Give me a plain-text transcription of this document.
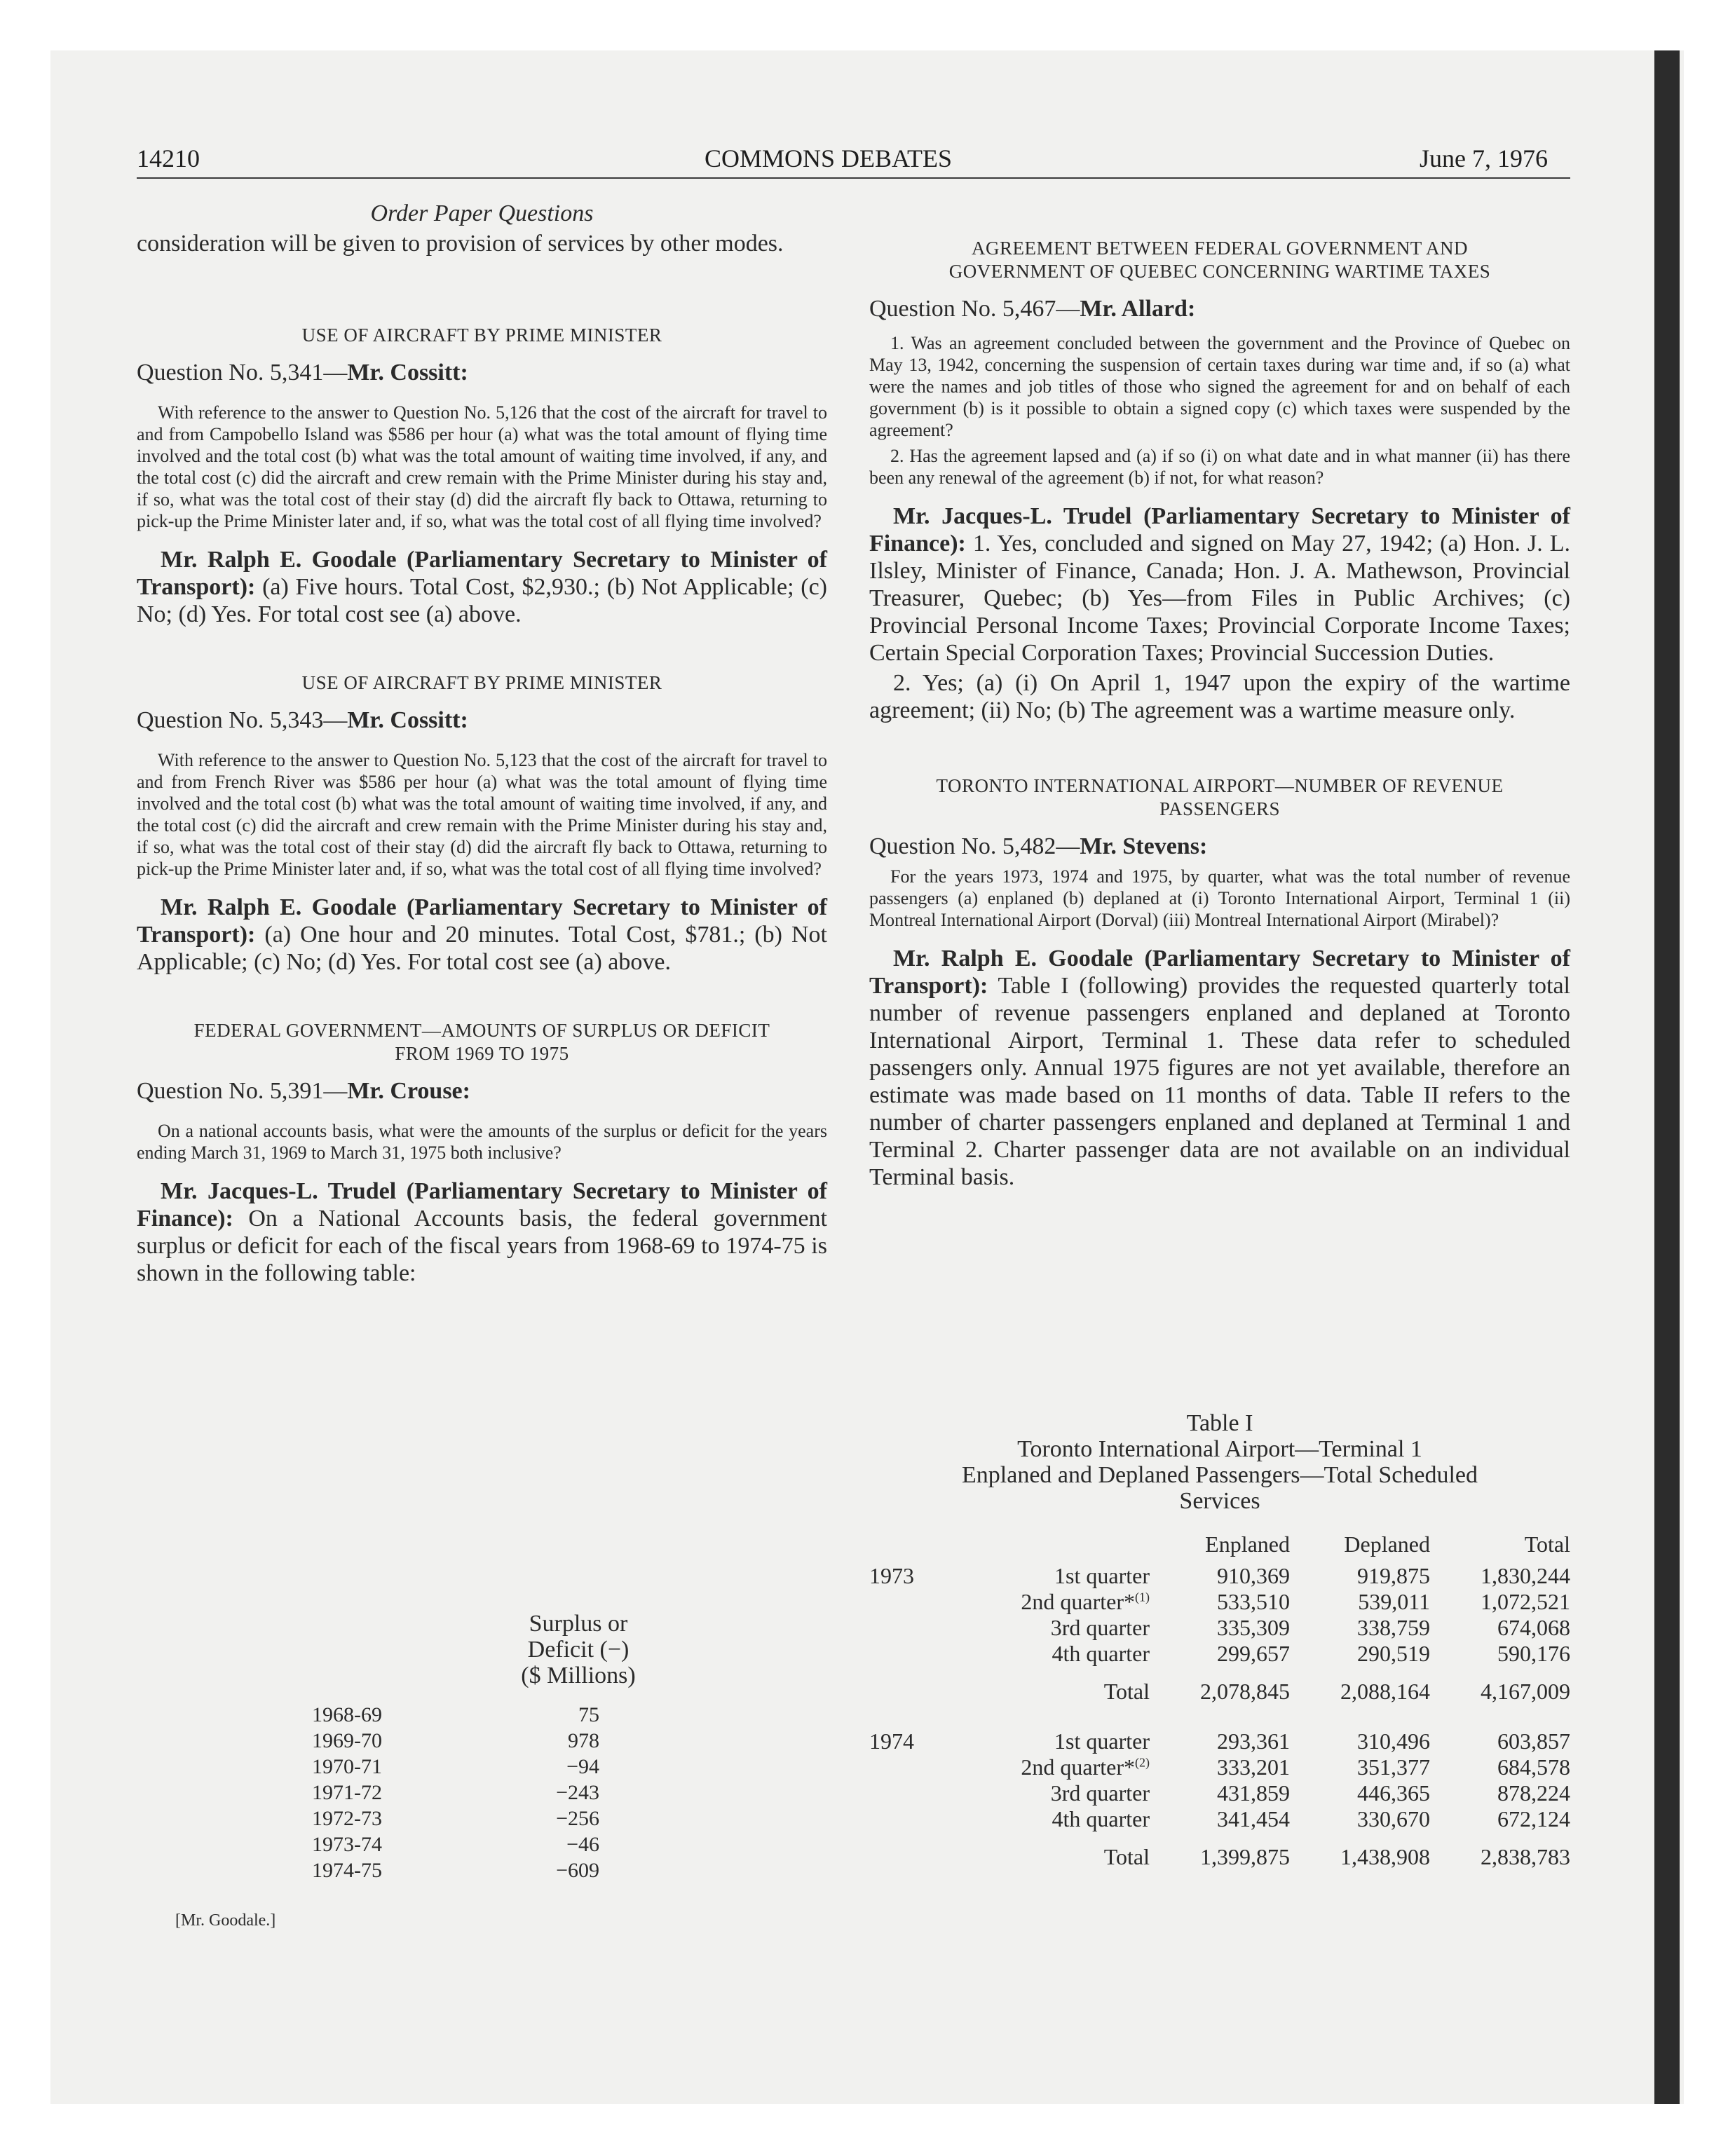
14210	COMMONS DEBATES	June 7, 1976

Order Paper Questions

consideration will be given to provision of services by other modes.

USE OF AIRCRAFT BY PRIME MINISTER

Question No. 5,341—Mr. Cossitt:

With reference to the answer to Question No. 5,126 that the cost of the aircraft for travel to and from Campobello Island was $586 per hour (a) what was the total amount of flying time involved and the total cost (b) what was the total amount of waiting time involved, if any, and the total cost (c) did the aircraft and crew remain with the Prime Minister during his stay and, if so, what was the total cost of their stay (d) did the aircraft fly back to Ottawa, returning to pick-up the Prime Minister later and, if so, what was the total cost of all flying time involved?

Mr. Ralph E. Goodale (Parliamentary Secretary to Minister of Transport): (a) Five hours. Total Cost, $2,930.; (b) Not Applicable; (c) No; (d) Yes. For total cost see (a) above.

USE OF AIRCRAFT BY PRIME MINISTER

Question No. 5,343—Mr. Cossitt:

With reference to the answer to Question No. 5,123 that the cost of the aircraft for travel to and from French River was $586 per hour (a) what was the total amount of flying time involved and the total cost (b) what was the total amount of waiting time involved, if any, and the total cost (c) did the aircraft and crew remain with the Prime Minister during his stay and, if so, what was the total cost of their stay (d) did the aircraft fly back to Ottawa, returning to pick-up the Prime Minister later and, if so, what was the total cost of all flying time involved?

Mr. Ralph E. Goodale (Parliamentary Secretary to Minister of Transport): (a) One hour and 20 minutes. Total Cost, $781.; (b) Not Applicable; (c) No; (d) Yes. For total cost see (a) above.

FEDERAL GOVERNMENT—AMOUNTS OF SURPLUS OR DEFICIT
FROM 1969 TO 1975

Question No. 5,391—Mr. Crouse:

On a national accounts basis, what were the amounts of the surplus or deficit for the years ending March 31, 1969 to March 31, 1975 both inclusive?

Mr. Jacques-L. Trudel (Parliamentary Secretary to Minister of Finance): On a National Accounts basis, the federal government surplus or deficit for each of the fiscal years from 1968-69 to 1974-75 is shown in the following table:

Surplus or
Deficit (−)
($ Millions)
1968-69	75
1969-70	978
1970-71	−94
1971-72	−243
1972-73	−256
1973-74	−46
1974-75	−609
[Mr. Goodale.]

AGREEMENT BETWEEN FEDERAL GOVERNMENT AND
GOVERNMENT OF QUEBEC CONCERNING WARTIME TAXES

Question No. 5,467—Mr. Allard:

1. Was an agreement concluded between the government and the Province of Quebec on May 13, 1942, concerning the suspension of certain taxes during war time and, if so (a) what were the names and job titles of those who signed the agreement for and on behalf of each government (b) is it possible to obtain a signed copy (c) which taxes were suspended by the agreement?

2. Has the agreement lapsed and (a) if so (i) on what date and in what manner (ii) has there been any renewal of the agreement (b) if not, for what reason?

Mr. Jacques-L. Trudel (Parliamentary Secretary to Minister of Finance): 1. Yes, concluded and signed on May 27, 1942; (a) Hon. J. L. Ilsley, Minister of Finance, Canada; Hon. J. A. Mathewson, Provincial Treasurer, Quebec; (b) Yes—from Files in Public Archives; (c) Provincial Personal Income Taxes; Provincial Corporate Income Taxes; Certain Special Corporation Taxes; Provincial Succession Duties.

2. Yes; (a) (i) On April 1, 1947 upon the expiry of the wartime agreement; (ii) No; (b) The agreement was a wartime measure only.

TORONTO INTERNATIONAL AIRPORT—NUMBER OF REVENUE
PASSENGERS

Question No. 5,482—Mr. Stevens:

For the years 1973, 1974 and 1975, by quarter, what was the total number of revenue passengers (a) enplaned (b) deplaned at (i) Toronto International Airport, Terminal 1 (ii) Montreal International Airport (Dorval) (iii) Montreal International Airport (Mirabel)?

Mr. Ralph E. Goodale (Parliamentary Secretary to Minister of Transport): Table I (following) provides the requested quarterly total number of revenue passengers enplaned and deplaned at Toronto International Airport, Terminal 1. These data refer to scheduled passengers only. Annual 1975 figures are not yet available, therefore an estimate was made based on 11 months of data. Table II refers to the number of charter passengers enplaned and deplaned at Terminal 1 and Terminal 2. Charter passenger data are not available on an individual Terminal basis.

Table I
Toronto International Airport—Terminal 1
Enplaned and Deplaned Passengers—Total Scheduled
Services
Enplaned Deplaned	Total
1973	1st quarter	910,369	919,875 1,830,244
2nd quarter*$^{(1)}$	533,510	539,011 1,072,521
3rd quarter	335,309	338,759	674,068
4th quarter	299,657	290,519	590,176
Total 2,078,845 2,088,164 4,167,009
1974	1st quarter	293,361	310,496	603,857
2nd quarter*$^{(2)}$	333,201	351,377	684,578
3rd quarter	431,859	446,365	878,224
4th quarter	341,454	330,670	672,124
Total 1,399,875 1,438,908 2,838,783
